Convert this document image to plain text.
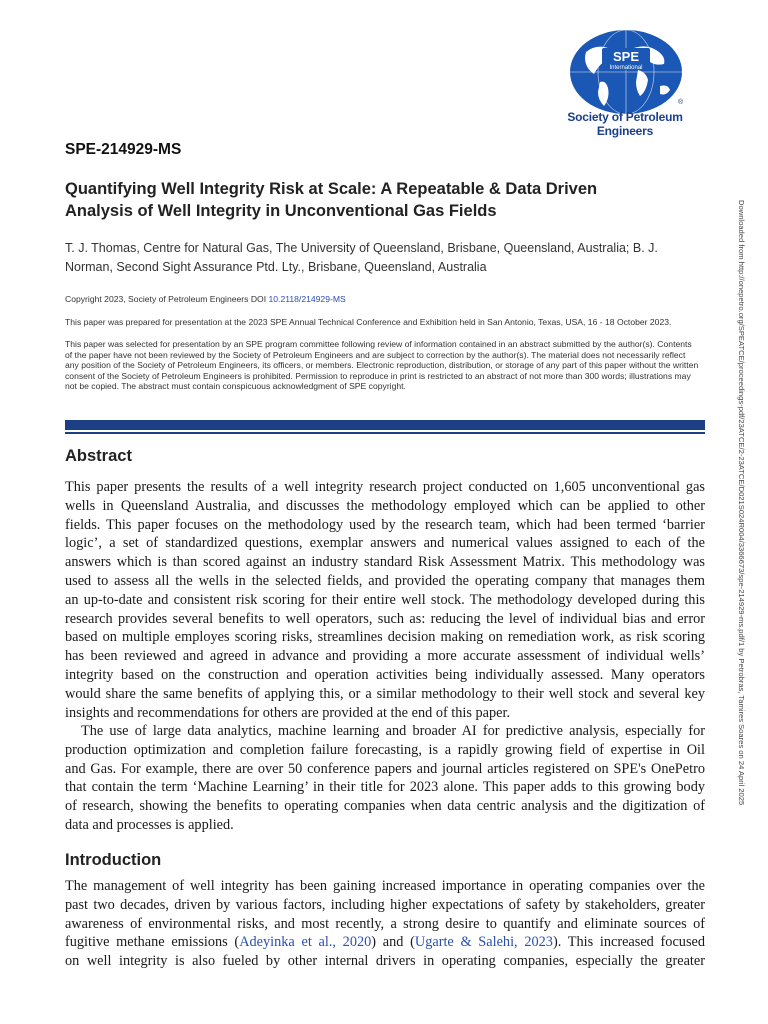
SPE
International
®
Society of Petroleum Engineers
SPE-214929-MS
Quantifying Well Integrity Risk at Scale: A Repeatable & Data Driven
Analysis of Well Integrity in Unconventional Gas Fields
T. J. Thomas, Centre for Natural Gas, The University of Queensland, Brisbane, Queensland, Australia; B. J.
Norman, Second Sight Assurance Ptd. Lty., Brisbane, Queensland, Australia
Copyright 2023, Society of Petroleum Engineers DOI 10.2118/214929-MS
This paper was prepared for presentation at the 2023 SPE Annual Technical Conference and Exhibition held in San Antonio, Texas, USA, 16 - 18 October 2023.
This paper was selected for presentation by an SPE program committee following review of information contained in an abstract submitted by the author(s). Contents
of the paper have not been reviewed by the Society of Petroleum Engineers and are subject to correction by the author(s). The material does not necessarily reflect
any position of the Society of Petroleum Engineers, its officers, or members. Electronic reproduction, distribution, or storage of any part of this paper without the written
consent of the Society of Petroleum Engineers is prohibited. Permission to reproduce in print is restricted to an abstract of not more than 300 words; illustrations may
not be copied. The abstract must contain conspicuous acknowledgment of SPE copyright.
Abstract
This paper presents the results of a well integrity research project conducted on 1,605 unconventional gas
wells in Queensland Australia, and discusses the methodology employed which can be applied to other
fields. This paper focuses on the methodology used by the research team, which had been termed ‘barrier
logic’, a set of standardized questions, exemplar answers and numerical values assigned to each of the
answers which is than scored against an industry standard Risk Assessment Matrix. This methodology was
used to assess all the wells in the selected fields, and provided the operating company that manages them
an up-to-date and consistent risk scoring for their entire well stock. The methodology developed during this
research provides several benefits to well operators, such as: reducing the level of individual bias and error
based on multiple employes scoring risks, streamlines decision making on remediation work, as risk scoring
has been reviewed and agreed in advance and providing a more accurate assessment of individual wells’
integrity based on the construction and operation activities being individually assessed. Many operators
would share the same benefits of applying this, or a similar methodology to their well stock and several key
insights and recommendations for others are provided at the end of this paper.
The use of large data analytics, machine learning and broader AI for predictive analysis, especially for
production optimization and completion failure forecasting, is a rapidly growing field of expertise in Oil
and Gas. For example, there are over 50 conference papers and journal articles registered on SPE's OnePetro
that contain the term ‘Machine Learning’ in their title for 2023 alone. This paper adds to this growing body
of research, showing the benefits to operating companies when data centric analysis and the digitization of
data and processes is applied.
Introduction
The management of well integrity has been gaining increased importance in operating companies over the
past two decades, driven by various factors, including higher expectations of safety by stakeholders, greater
awareness of environmental risks, and most recently, a strong desire to quantify and eliminate sources of
fugitive methane emissions (Adeyinka et al., 2020) and (Ugarte & Salehi, 2023). This increased focused
on well integrity is also fueled by other internal drivers in operating companies, especially the greater
Downloaded from http://onepetro.org/SPEATCE/proceedings-pdf/23ATCE/2-23ATCE/D021S024R004/3366673/spe-214929-ms.pdf/1 by Petrobras, Tamires Soares on 24 April 2025
